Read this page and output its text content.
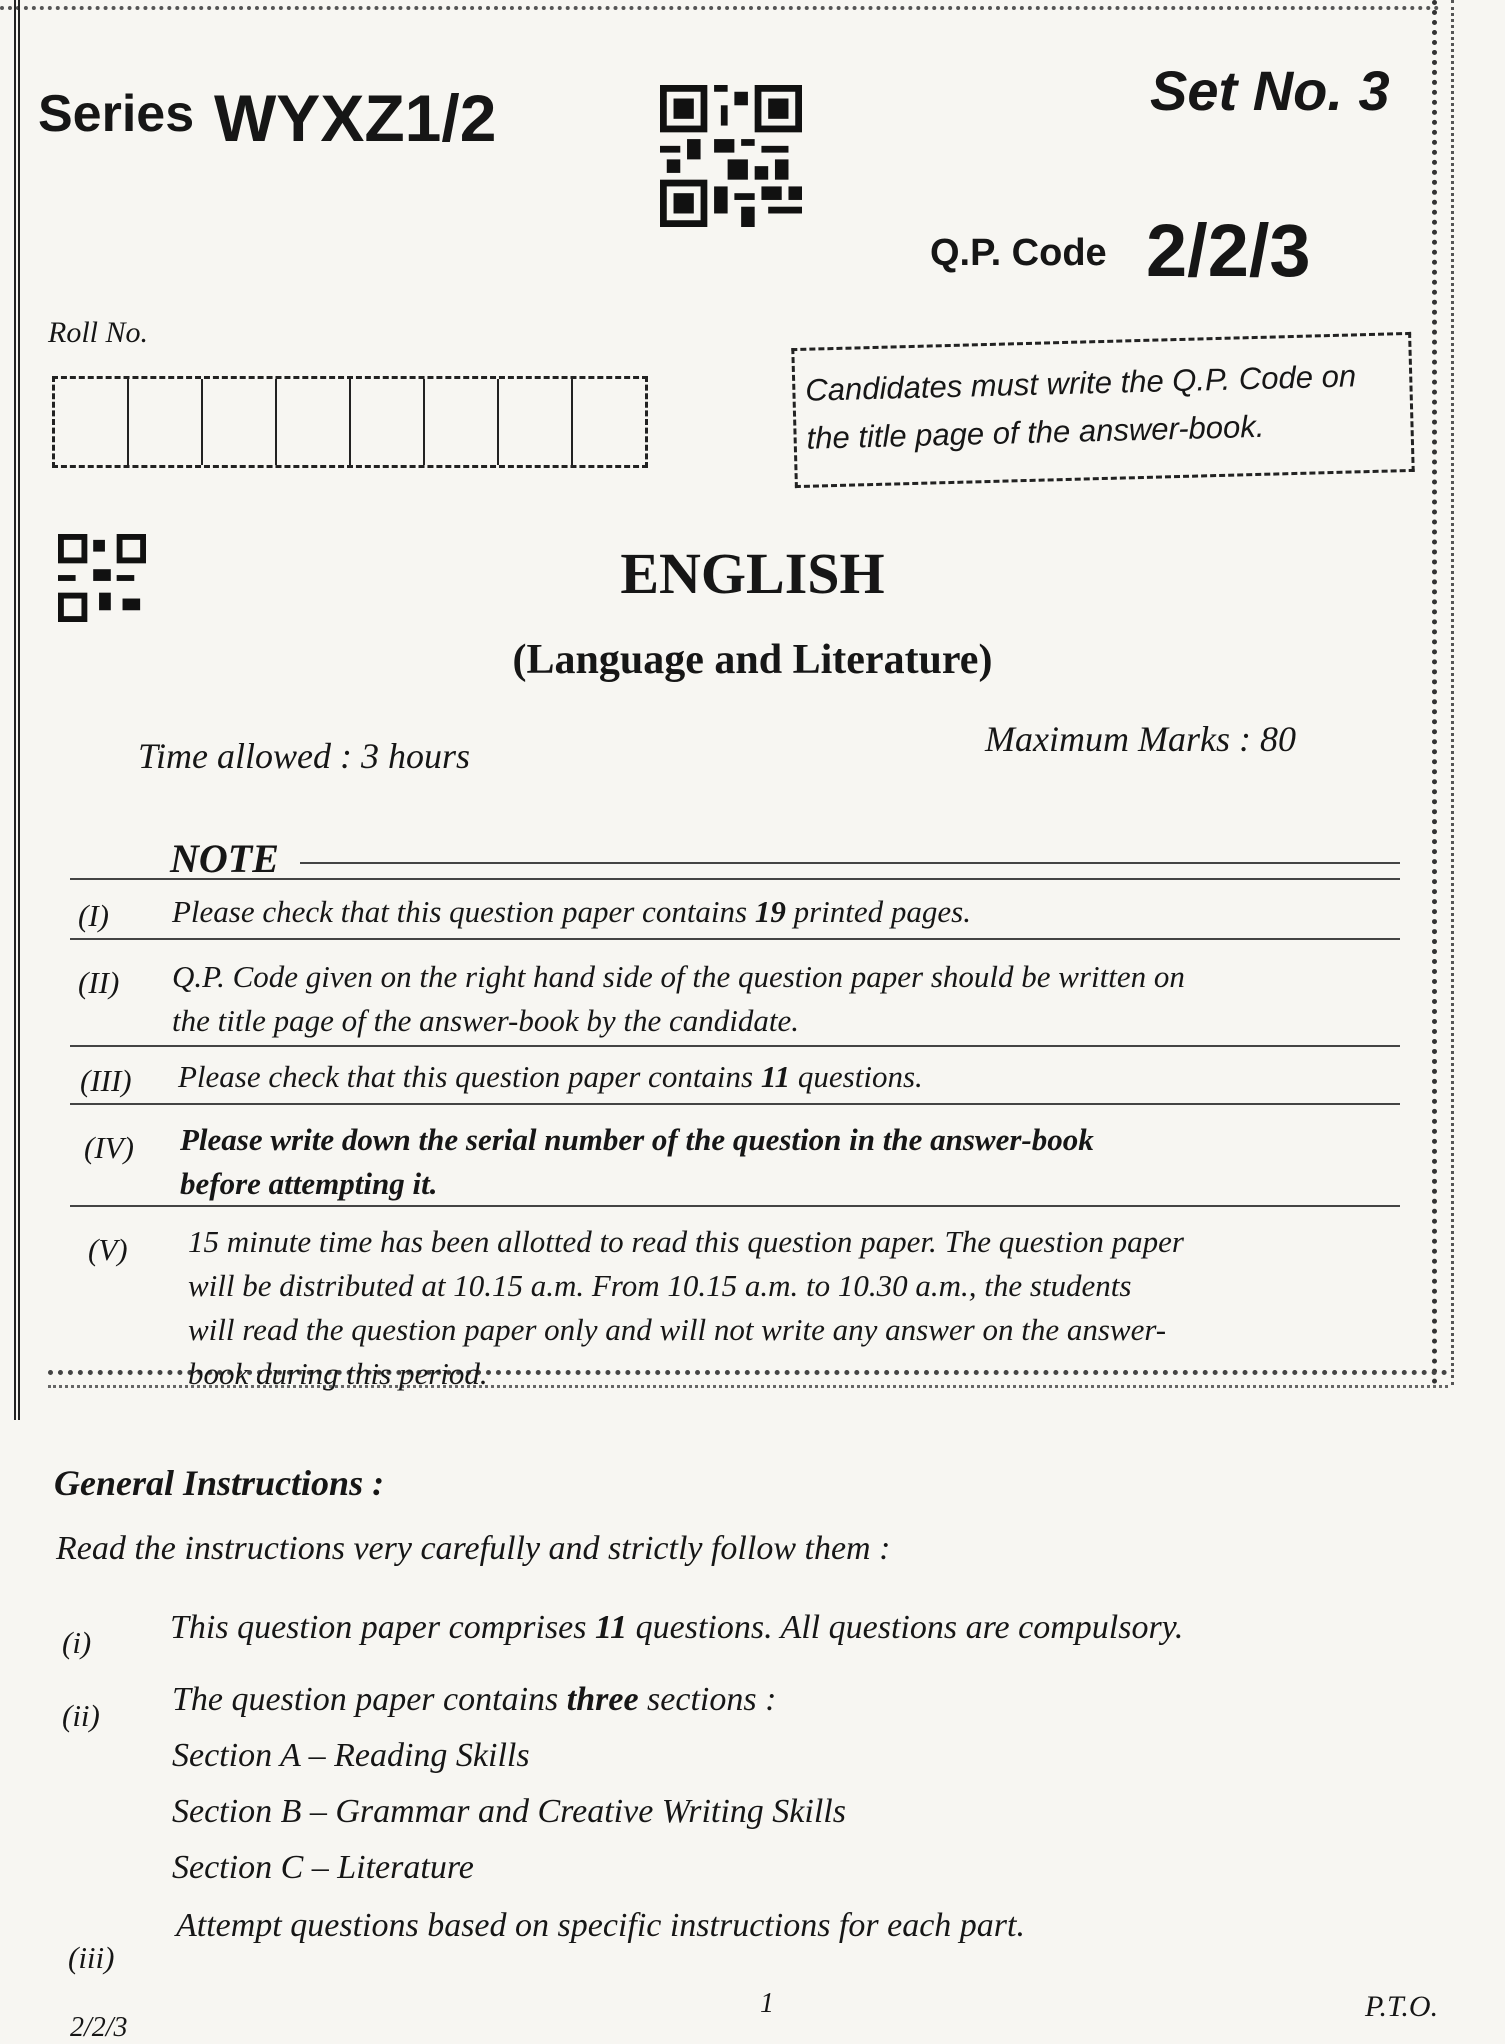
Series WYXZ1/2	Set No. 3
Q.P. Code 2/2/3
Roll No.
Candidates must write the Q.P. Code on
the title page of the answer-book.
ENGLISH
(Language and Literature)
Time allowed : 3 hours	Maximum Marks : 80
NOTE
(I) Please check that this question paper contains 19 printed pages.
(II) Q.P. Code given on the right hand side of the question paper should be written on
the title page of the answer-book by the candidate.
(III) Please check that this question paper contains 11 questions.
(IV) Please write down the serial number of the question in the answer-book
before attempting it.
(V) 15 minute time has been allotted to read this question paper. The question paper
will be distributed at 10.15 a.m. From 10.15 a.m. to 10.30 a.m., the students
will read the question paper only and will not write any answer on the answer-
book during this period.
General Instructions :
Read the instructions very carefully and strictly follow them :
(i) This question paper comprises 11 questions. All questions are compulsory.
(ii) The question paper contains three sections :
Section A – Reading Skills
Section B – Grammar and Creative Writing Skills
Section C – Literature
(iii)
Attempt questions based on specific instructions for each part.
2/2/3
1	P.T.O.
